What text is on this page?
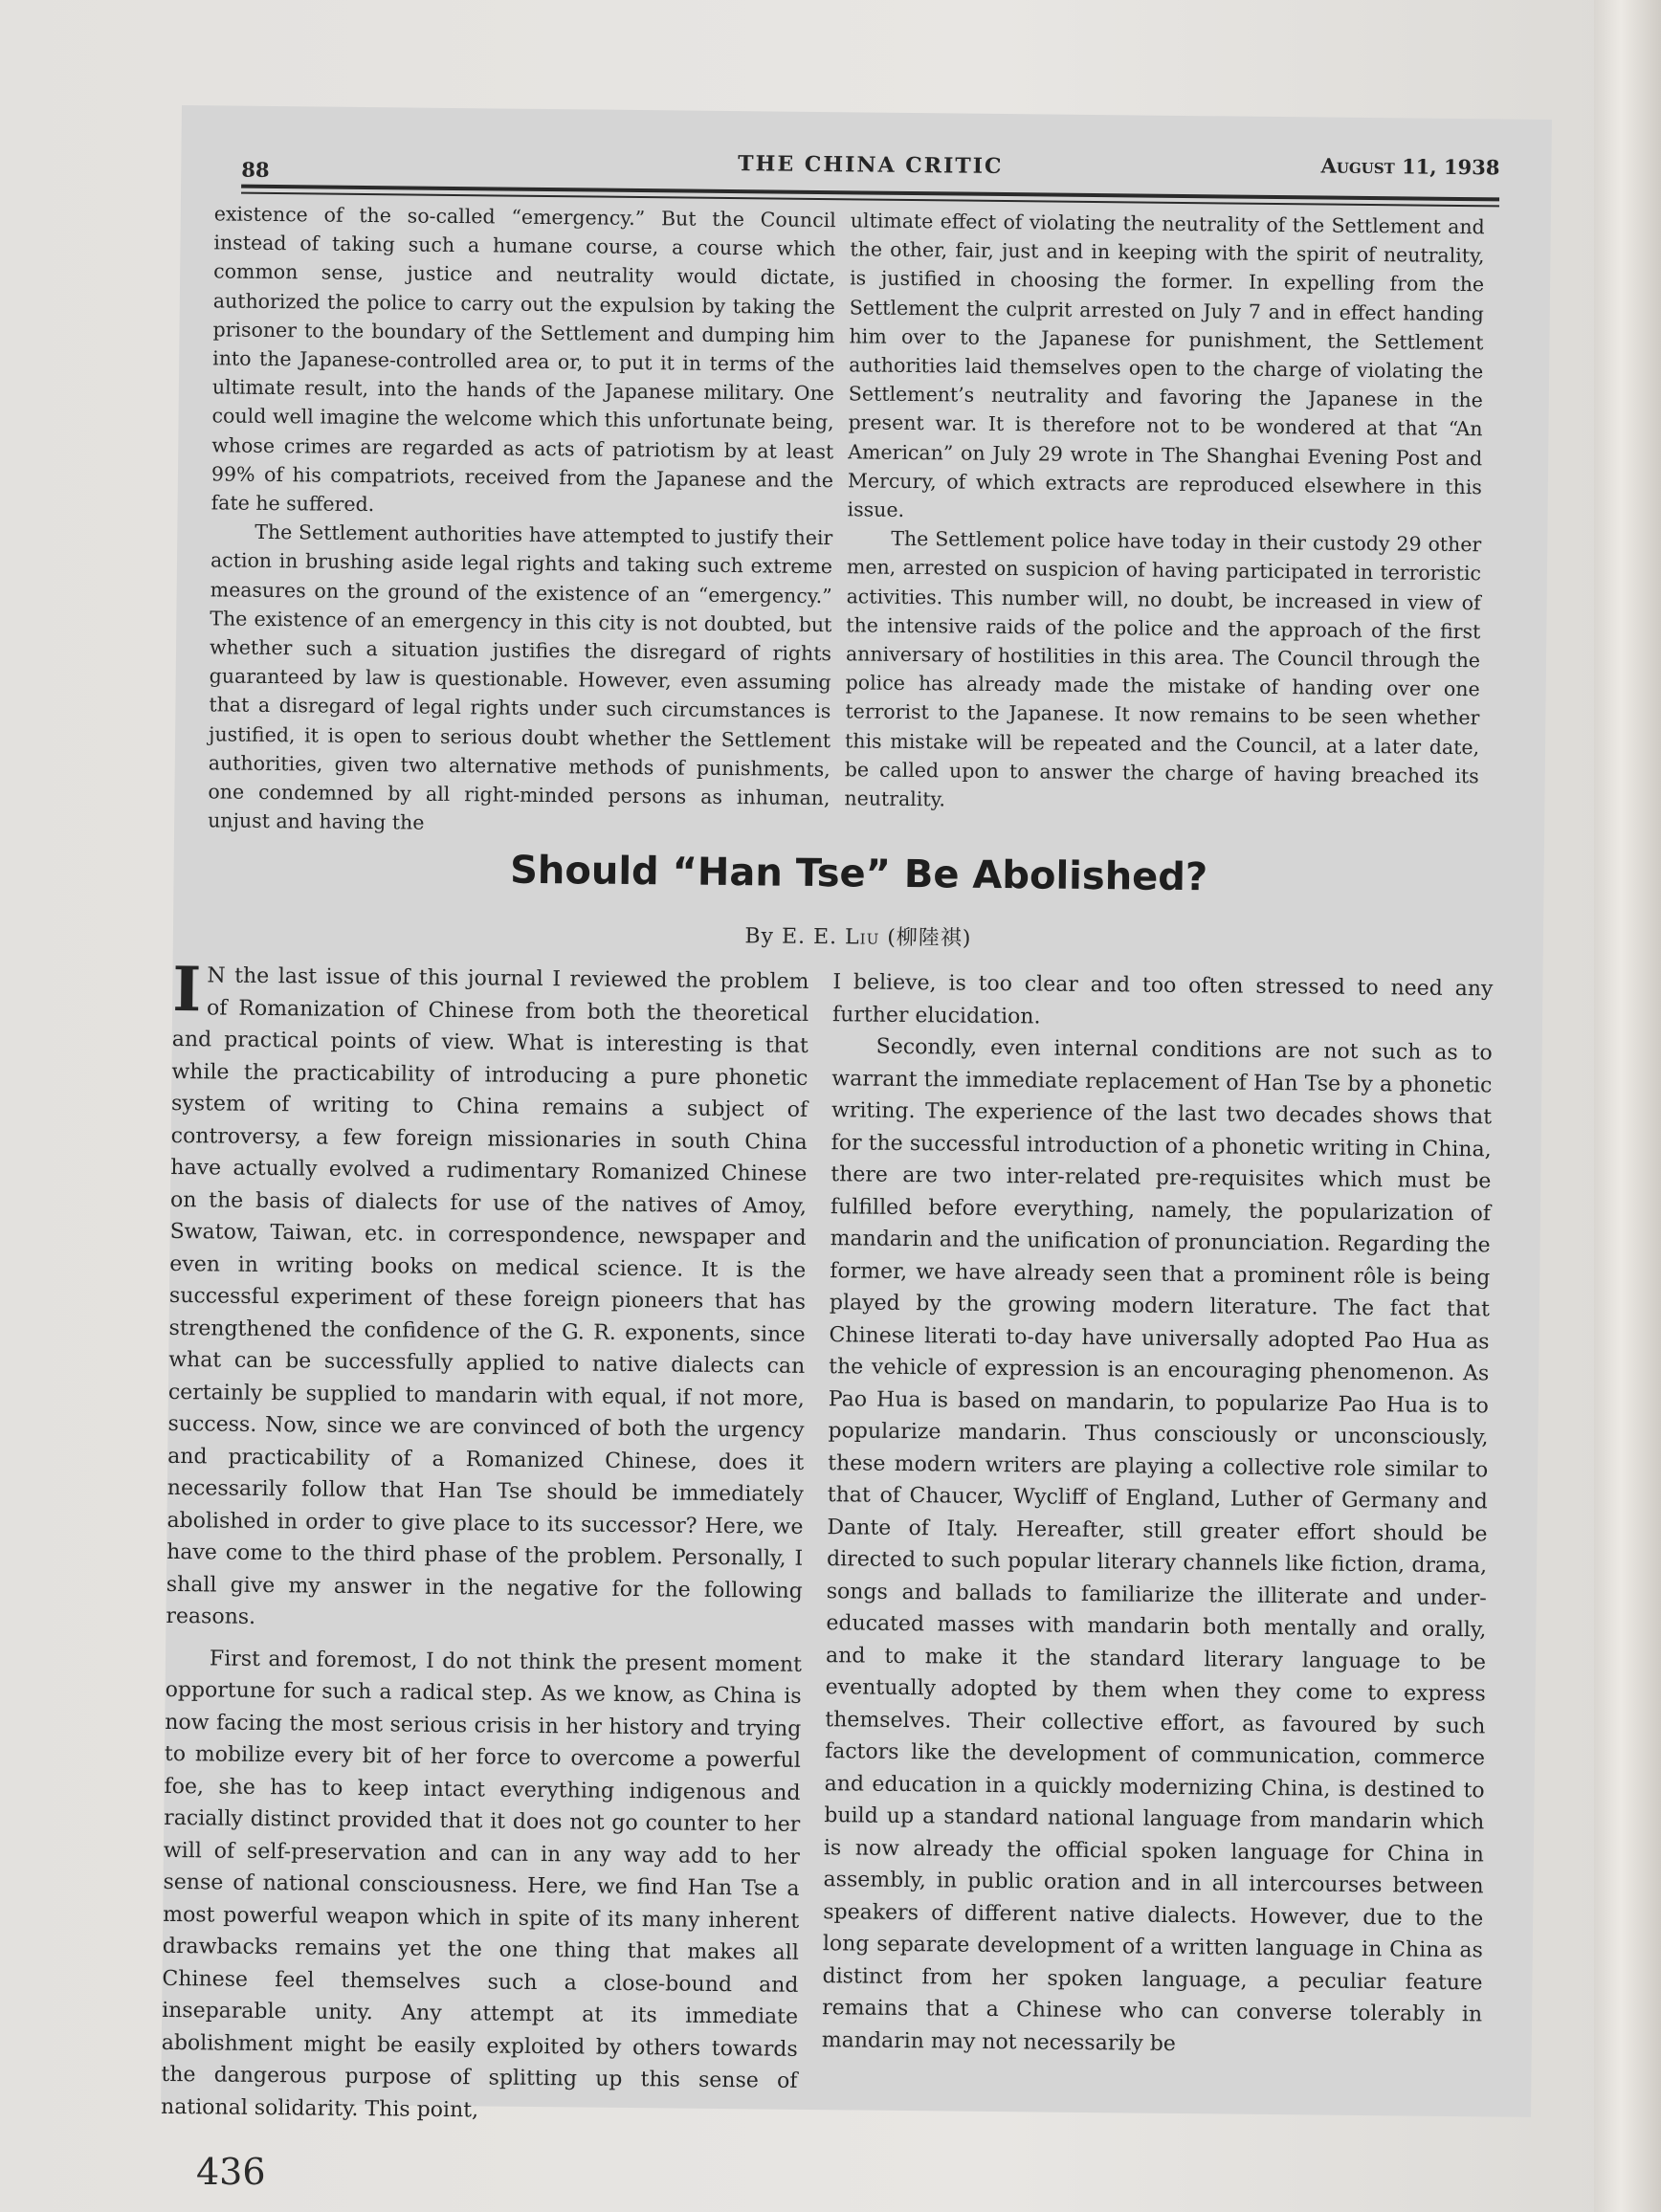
88	THE CHINA CRITIC	August 11, 1938

existence of the so-called “emergency.” But the Council instead of taking such a humane course, a course which common sense, justice and neutrality would dictate, authorized the police to carry out the expulsion by taking the prisoner to the boundary of the Settlement and dumping him into the Japanese-controlled area or, to put it in terms of the ultimate result, into the hands of the Japanese military. One could well imagine the welcome which this unfortunate being, whose crimes are regarded as acts of patriotism by at least 99% of his compatriots, received from the Japanese and the fate he suffered.

The Settlement authorities have attempted to justify their action in brushing aside legal rights and taking such extreme measures on the ground of the existence of an “emergency.” The existence of an emergency in this city is not doubted, but whether such a situation justifies the disregard of rights guaranteed by law is questionable. However, even assuming that a disregard of legal rights under such circumstances is justified, it is open to serious doubt whether the Settlement authorities, given two alternative methods of punishments, one condemned by all right-minded persons as inhuman, unjust and having the

ultimate effect of violating the neutrality of the Settlement and the other, fair, just and in keeping with the spirit of neutrality, is justified in choosing the former. In expelling from the Settlement the culprit arrested on July 7 and in effect handing him over to the Japanese for punishment, the Settlement authorities laid themselves open to the charge of violating the Settlement’s neutrality and favoring the Japanese in the present war. It is therefore not to be wondered at that “An American” on July 29 wrote in The Shanghai Evening Post and Mercury, of which extracts are reproduced elsewhere in this issue.

The Settlement police have today in their custody 29 other men, arrested on suspicion of having participated in terroristic activities. This number will, no doubt, be increased in view of the intensive raids of the police and the approach of the first anniversary of hostilities in this area. The Council through the police has already made the mistake of handing over one terrorist to the Japanese. It now remains to be seen whether this mistake will be repeated and the Council, at a later date, be called upon to answer the charge of having breached its neutrality.

Should “Han Tse” Be Abolished?
By E. E. Liu (柳陸祺)

I N the last issue of this journal I reviewed the problem of Romanization of Chinese from both the theoretical and practical points of view. What is interesting is that while the practicability of introducing a pure phonetic system of writing to China remains a subject of controversy, a few foreign missionaries in south China have actually evolved a rudimentary Romanized Chinese on the basis of dialects for use of the natives of Amoy, Swatow, Taiwan, etc. in correspondence, newspaper and even in writing books on medical science. It is the successful experiment of these foreign pioneers that has strengthened the confidence of the G. R. exponents, since what can be successfully applied to native dialects can certainly be supplied to mandarin with equal, if not more, success. Now, since we are convinced of both the urgency and practicability of a Romanized Chinese, does it necessarily follow that Han Tse should be immediately abolished in order to give place to its successor? Here, we have come to the third phase of the problem. Personally, I shall give my answer in the negative for the following reasons.

First and foremost, I do not think the present moment opportune for such a radical step. As we know, as China is now facing the most serious crisis in her history and trying to mobilize every bit of her force to overcome a powerful foe, she has to keep intact everything indigenous and racially distinct provided that it does not go counter to her will of self-preservation and can in any way add to her sense of national consciousness. Here, we find Han Tse a most powerful weapon which in spite of its many inherent drawbacks remains yet the one thing that makes all Chinese feel themselves such a close-bound and inseparable unity. Any attempt at its immediate abolishment might be easily exploited by others towards the dangerous purpose of splitting up this sense of national solidarity. This point,

I believe, is too clear and too often stressed to need any further elucidation.

Secondly, even internal conditions are not such as to warrant the immediate replacement of Han Tse by a phonetic writing. The experience of the last two decades shows that for the successful introduction of a phonetic writing in China, there are two inter-related pre-requisites which must be fulfilled before everything, namely, the popularization of mandarin and the unification of pronunciation. Regarding the former, we have already seen that a prominent rôle is being played by the growing modern literature. The fact that Chinese literati to-day have universally adopted Pao Hua as the vehicle of expression is an encouraging phenomenon. As Pao Hua is based on mandarin, to popularize Pao Hua is to popularize mandarin. Thus consciously or unconsciously, these modern writers are playing a collective role similar to that of Chaucer, Wycliff of England, Luther of Germany and Dante of Italy. Hereafter, still greater effort should be directed to such popular literary channels like fiction, drama, songs and ballads to familiarize the illiterate and under-educated masses with mandarin both mentally and orally, and to make it the standard literary language to be eventually adopted by them when they come to express themselves. Their collective effort, as favoured by such factors like the development of communication, commerce and education in a quickly modernizing China, is destined to build up a standard national language from mandarin which is now already the official spoken language for China in assembly, in public oration and in all intercourses between speakers of different native dialects. However, due to the long separate development of a written language in China as distinct from her spoken language, a peculiar feature remains that a Chinese who can converse tolerably in mandarin may not necessarily be

436
